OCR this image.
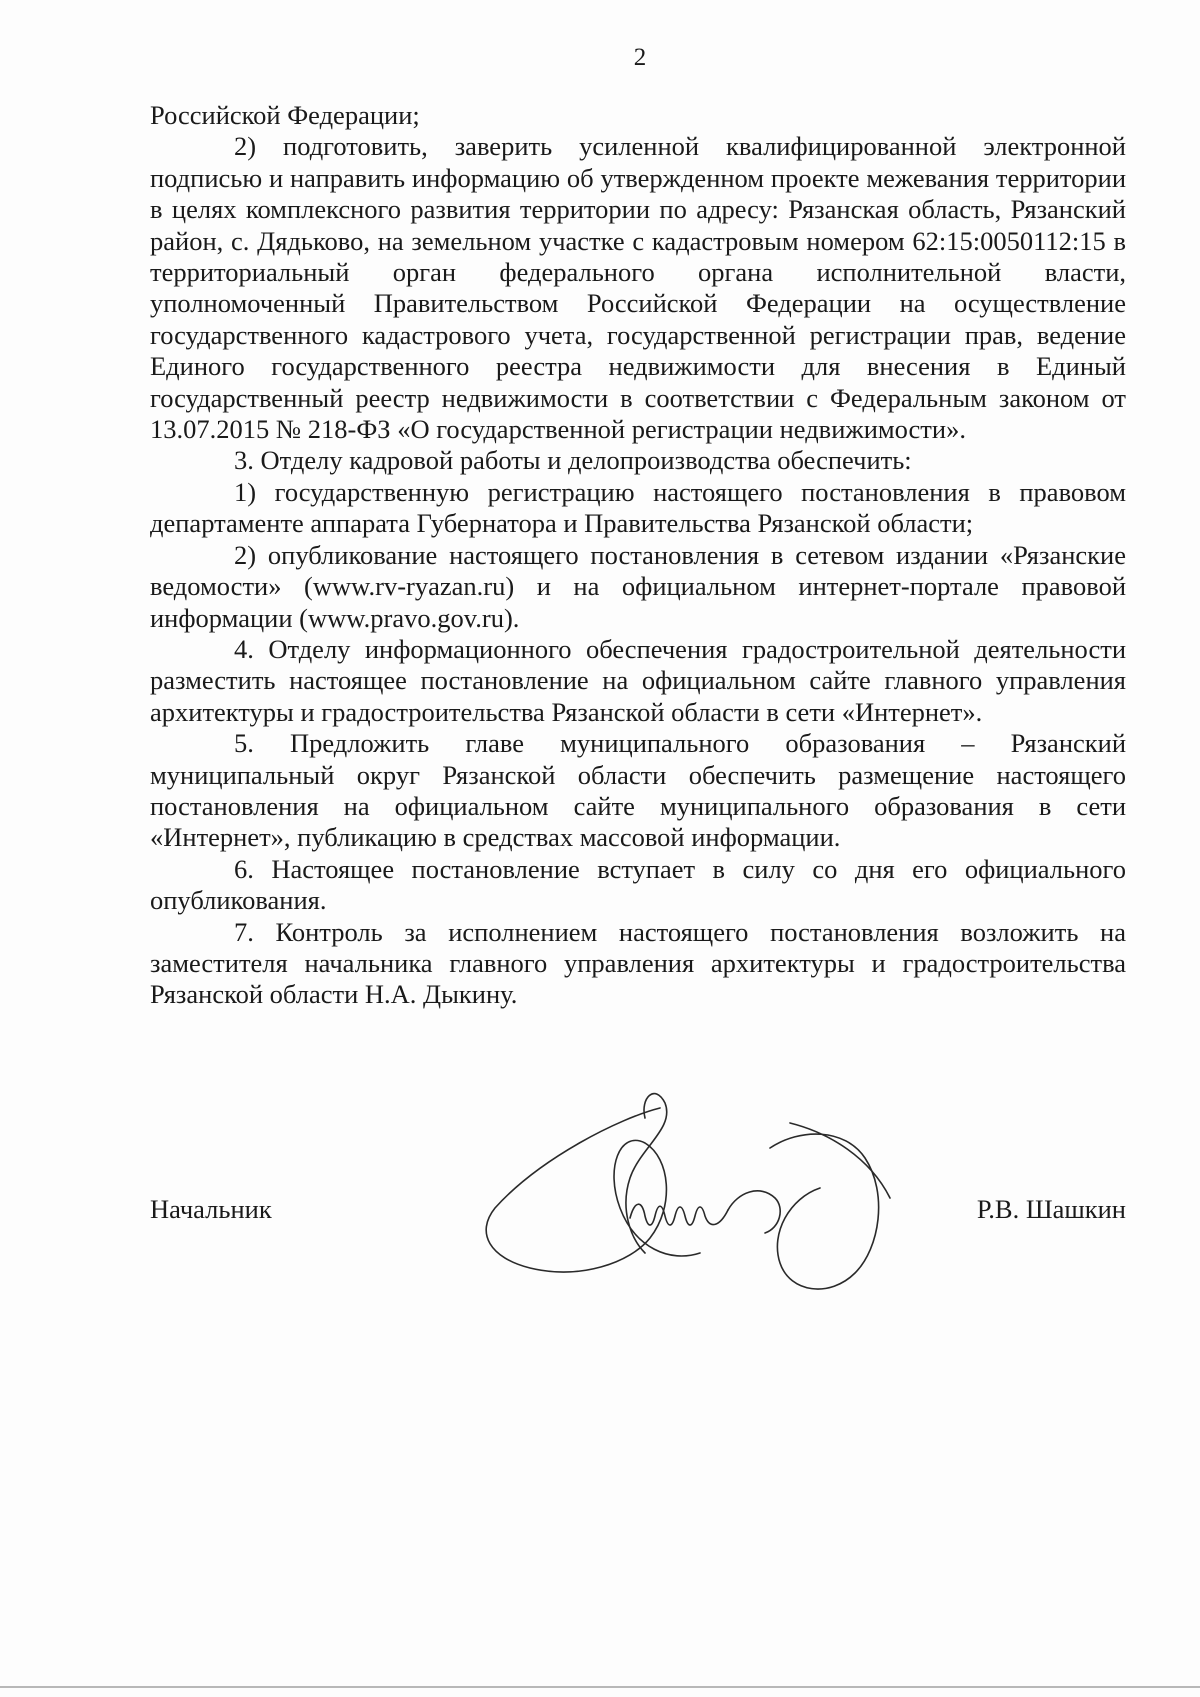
2

Российской Федерации;

2) подготовить, заверить усиленной квалифицированной электронной подписью и направить информацию об утвержденном проекте межевания территории в целях комплексного развития территории по адресу: Рязанская область, Рязанский район, с. Дядьково, на земельном участке с кадастровым номером 62:15:0050112:15 в территориальный орган федерального органа исполнительной власти, уполномоченный Правительством Российской Федерации на осуществление государственного кадастрового учета, государственной регистрации прав, ведение Единого государственного реестра недвижимости для внесения в Единый государственный реестр недвижимости в соответствии с Федеральным законом от 13.07.2015 № 218-ФЗ «О государственной регистрации недвижимости».

3. Отделу кадровой работы и делопроизводства обеспечить:

1) государственную регистрацию настоящего постановления в правовом департаменте аппарата Губернатора и Правительства Рязанской области;

2) опубликование настоящего постановления в сетевом издании «Рязанские ведомости» (www.rv-ryazan.ru) и на официальном интернет-портале правовой информации (www.pravo.gov.ru).

4. Отделу информационного обеспечения градостроительной деятельности разместить настоящее постановление на официальном сайте главного управления архитектуры и градостроительства Рязанской области в сети «Интернет».

5. Предложить главе муниципального образования – Рязанский муниципальный округ Рязанской области обеспечить размещение настоящего постановления на официальном сайте муниципального образования в сети «Интернет», публикацию в средствах массовой информации.

6. Настоящее постановление вступает в силу со дня его официального опубликования.

7. Контроль за исполнением настоящего постановления возложить на заместителя начальника главного управления архитектуры и градостроительства Рязанской области Н.А. Дыкину.

Начальник	Р.В. Шашкин
